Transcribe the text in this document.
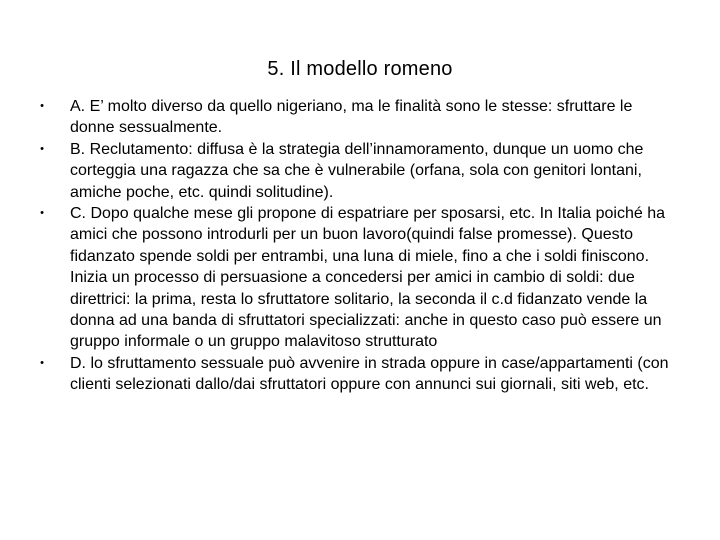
5. Il modello romeno
• A. E’ molto diverso da quello nigeriano, ma le finalità sono le stesse: sfruttare le donne sessualmente.
• B. Reclutamento: diffusa è la strategia dell’innamoramento, dunque un uomo che corteggia una ragazza che sa che è vulnerabile (orfana, sola con genitori lontani, amiche poche, etc. quindi solitudine).
• C. Dopo qualche mese gli propone di espatriare per sposarsi, etc. In Italia poiché ha amici che possono introdurli per un buon lavoro(quindi false promesse). Questo fidanzato spende soldi per entrambi, una luna di miele, fino a che i soldi finiscono. Inizia un processo di persuasione a concedersi per amici in cambio di soldi: due direttrici: la prima, resta lo sfruttatore solitario, la seconda il c.d fidanzato vende la donna ad una banda di sfruttatori specializzati: anche in questo caso può essere un gruppo informale o un gruppo malavitoso strutturato
• D. lo sfruttamento sessuale può avvenire in strada oppure in case/appartamenti (con clienti selezionati dallo/dai sfruttatori oppure con annunci sui giornali, siti web, etc.
